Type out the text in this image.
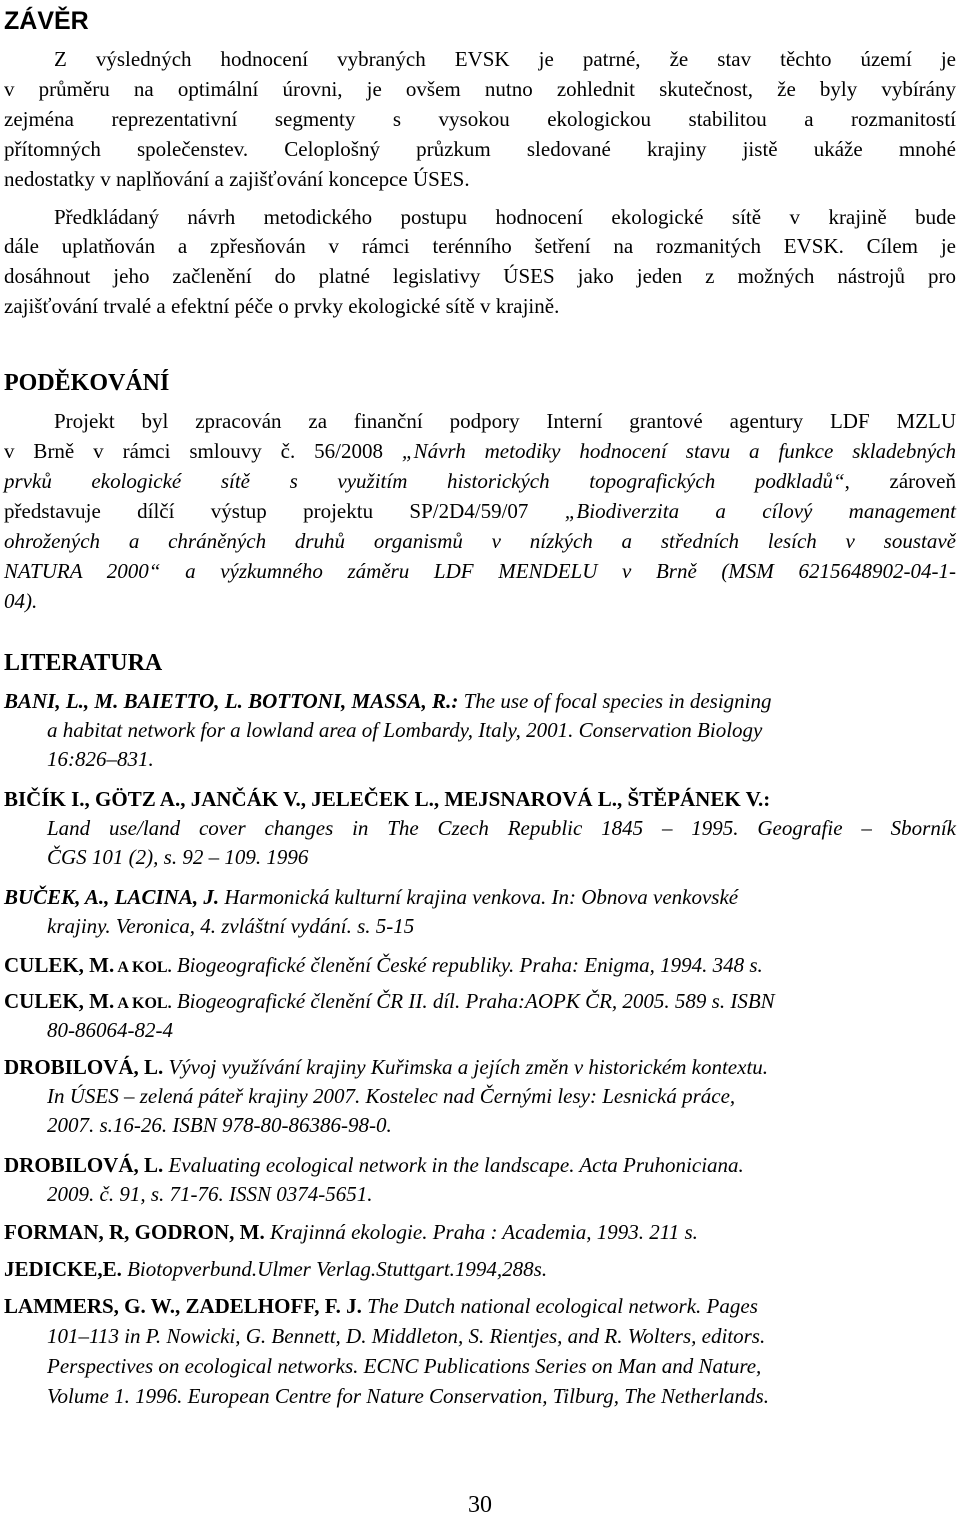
ZÁVĚR
Z výsledných hodnocení vybraných EVSK je patrné, že stav těchto území je
v průměru na optimální úrovni, je ovšem nutno zohlednit skutečnost, že byly vybírány
zejména reprezentativní segmenty s vysokou ekologickou stabilitou a rozmanitostí
přítomných společenstev. Celoplošný průzkum sledované krajiny jistě ukáže mnohé
nedostatky v naplňování a zajišťování koncepce ÚSES.
Předkládaný návrh metodického postupu hodnocení ekologické sítě v krajině bude
dále uplatňován a zpřesňován v rámci terénního šetření na rozmanitých EVSK. Cílem je
dosáhnout jeho začlenění do platné legislativy ÚSES jako jeden z možných nástrojů pro
zajišťování trvalé a efektní péče o prvky ekologické sítě v krajině.
PODĚKOVÁNÍ
Projekt byl zpracován za finanční podpory Interní grantové agentury LDF MZLU
v Brně v rámci smlouvy č. 56/2008 „Návrh metodiky hodnocení stavu a funkce skladebných
prvků ekologické sítě s využitím historických topografických podkladů“, zároveň
představuje dílčí výstup projektu SP/2D4/59/07 „Biodiverzita a cílový management
ohrožených a chráněných druhů organismů v nízkých a středních lesích v soustavě
NATURA 2000“ a výzkumného záměru LDF MENDELU v Brně (MSM 6215648902-04-1-
04).
LITERATURA
BANI, L., M. BAIETTO, L. BOTTONI, MASSA, R.: The use of focal species in designing
a habitat network for a lowland area of Lombardy, Italy, 2001. Conservation Biology
16:826–831.
BIČÍK I., GÖTZ A., JANČÁK V., JELEČEK L., MEJSNAROVÁ L., ŠTĚPÁNEK V.:
Land use/land cover changes in The Czech Republic 1845 – 1995. Geografie – Sborník
ČGS 101 (2), s. 92 – 109. 1996
BUČEK, A., LACINA, J. Harmonická kulturní krajina venkova. In: Obnova venkovské
krajiny. Veronica, 4. zvláštní vydání. s. 5-15
CULEK, M. A KOL. Biogeografické členění České republiky. Praha: Enigma, 1994. 348 s.
CULEK, M. A KOL. Biogeografické členění ČR II. díl. Praha:AOPK ČR, 2005. 589 s. ISBN
80-86064-82-4
DROBILOVÁ, L. Vývoj využívání krajiny Kuřimska a jejích změn v historickém kontextu.
In ÚSES – zelená páteř krajiny 2007. Kostelec nad Černými lesy: Lesnická práce,
2007. s.16-26. ISBN 978-80-86386-98-0.
DROBILOVÁ, L. Evaluating ecological network in the landscape. Acta Pruhoniciana.
2009. č. 91, s. 71-76. ISSN 0374-5651.
FORMAN, R, GODRON, M. Krajinná ekologie. Praha : Academia, 1993. 211 s.
JEDICKE,E. Biotopverbund.Ulmer Verlag.Stuttgart.1994,288s.
LAMMERS, G. W., ZADELHOFF, F. J. The Dutch national ecological network. Pages
101–113 in P. Nowicki, G. Bennett, D. Middleton, S. Rientjes, and R. Wolters, editors.
Perspectives on ecological networks. ECNC Publications Series on Man and Nature,
Volume 1. 1996. European Centre for Nature Conservation, Tilburg, The Netherlands.
30
